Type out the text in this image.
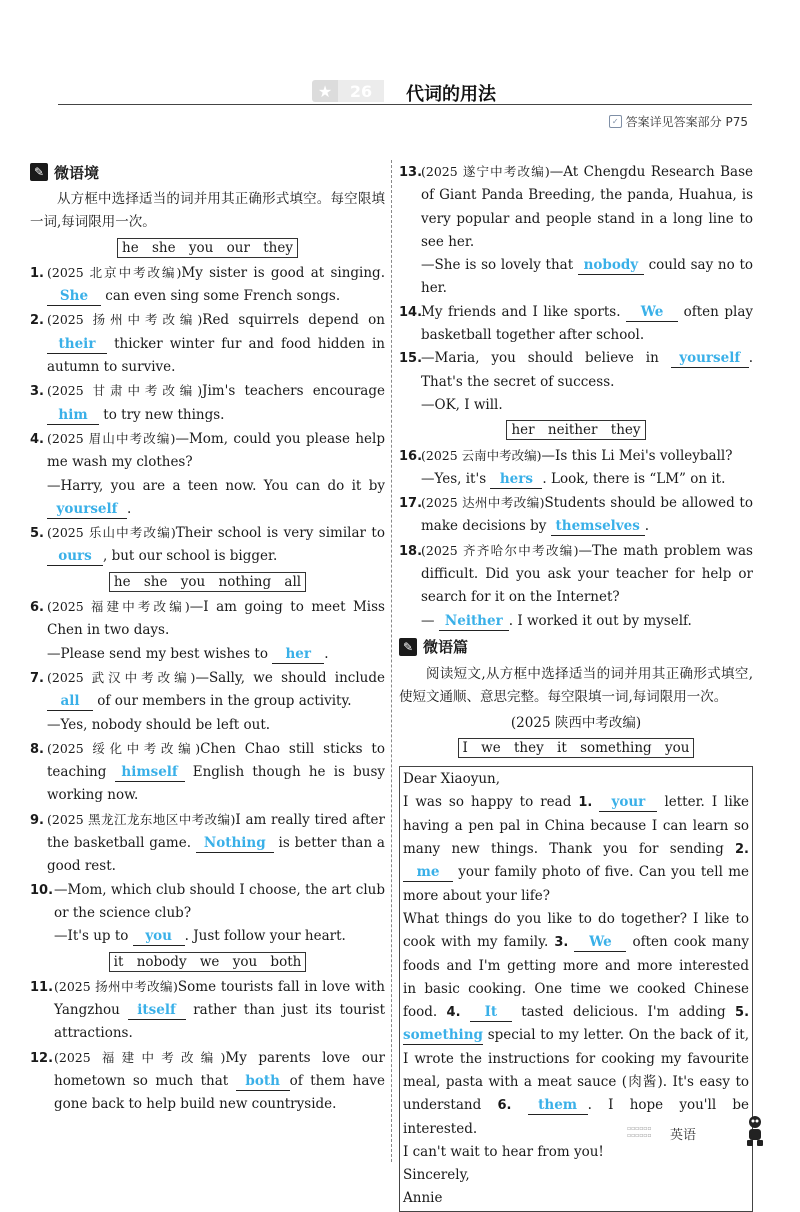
★	26	代词的用法
✓ 答案详见答案部分 P75
✎ 微语境
从方框中选择适当的词并用其正确形式填空。每空限填一词,每词限用一次。
he she you our they
1. (2025 北京中考改编)My sister is good at singing. She can even sing some French songs.
2. (2025 扬州中考改编)Red squirrels depend on their thicker winter fur and food hidden in autumn to survive.
3. (2025 甘肃中考改编)Jim's teachers encourage him to try new things.
4. (2025 眉山中考改编)—Mom, could you please help me wash my clothes?
—Harry, you are a teen now. You can do it by yourself .
5. (2025 乐山中考改编)Their school is very similar to ours , but our school is bigger.
he she you nothing all
6. (2025 福建中考改编)—I am going to meet Miss Chen in two days.
—Please send my best wishes to her .
7. (2025 武汉中考改编)—Sally, we should include all of our members in the group activity.
—Yes, nobody should be left out.
8. (2025 绥化中考改编)Chen Chao still sticks to teaching himself English though he is busy working now.
9. (2025 黑龙江龙东地区中考改编)I am really tired after the basketball game. Nothing is better than a good rest.
10.—Mom, which club should I choose, the art club or the science club?
—It's up to you . Just follow your heart.
it nobody we you both
11.(2025 扬州中考改编)Some tourists fall in love with Yangzhou itself rather than just its tourist attractions.
12.(2025 福建中考改编)My parents love our hometown so much that both of them have gone back to help build new countryside.
13.(2025 遂宁中考改编)—At Chengdu Research Base of Giant Panda Breeding, the panda, Huahua, is very popular and people stand in a long line to see her.
—She is so lovely that nobody could say no to her.
14.My friends and I like sports. We often play basketball together after school.
15.—Maria, you should believe in yourself . That's the secret of success.
—OK, I will.
her neither they
16.(2025 云南中考改编)—Is this Li Mei's volleyball?
—Yes, it's hers . Look, there is “LM” on it.
17.(2025 达州中考改编)Students should be allowed to make decisions by themselves .
18.(2025 齐齐哈尔中考改编)—The math problem was difficult. Did you ask your teacher for help or search for it on the Internet?
— Neither . I worked it out by myself.
✎ 微语篇
阅读短文,从方框中选择适当的词并用其正确形式填空,使短文通顺、意思完整。每空限填一词,每词限用一次。
(2025 陕西中考改编)
I we they it something you
Dear Xiaoyun,
I was so happy to read 1. your letter. I like having a pen pal in China because I can learn so many new things. Thank you for sending 2. me your family photo of five. Can you tell me more about your life?
What things do you like to do together? I like to cook with my family. 3. We often cook many foods and I'm getting more and more interested in basic cooking. One time we cooked Chinese food. 4. It tasted delicious. I'm adding 5. something special to my letter. On the back of it, I wrote the instructions for cooking my favourite meal, pasta with a meat sauce (肉酱). It's easy to understand 6. them . I hope you'll be interested.
I can't wait to hear from you!
Sincerely,
Annie
▫▫▫▫▫▫
▫▫▫▫▫▫ 英语
